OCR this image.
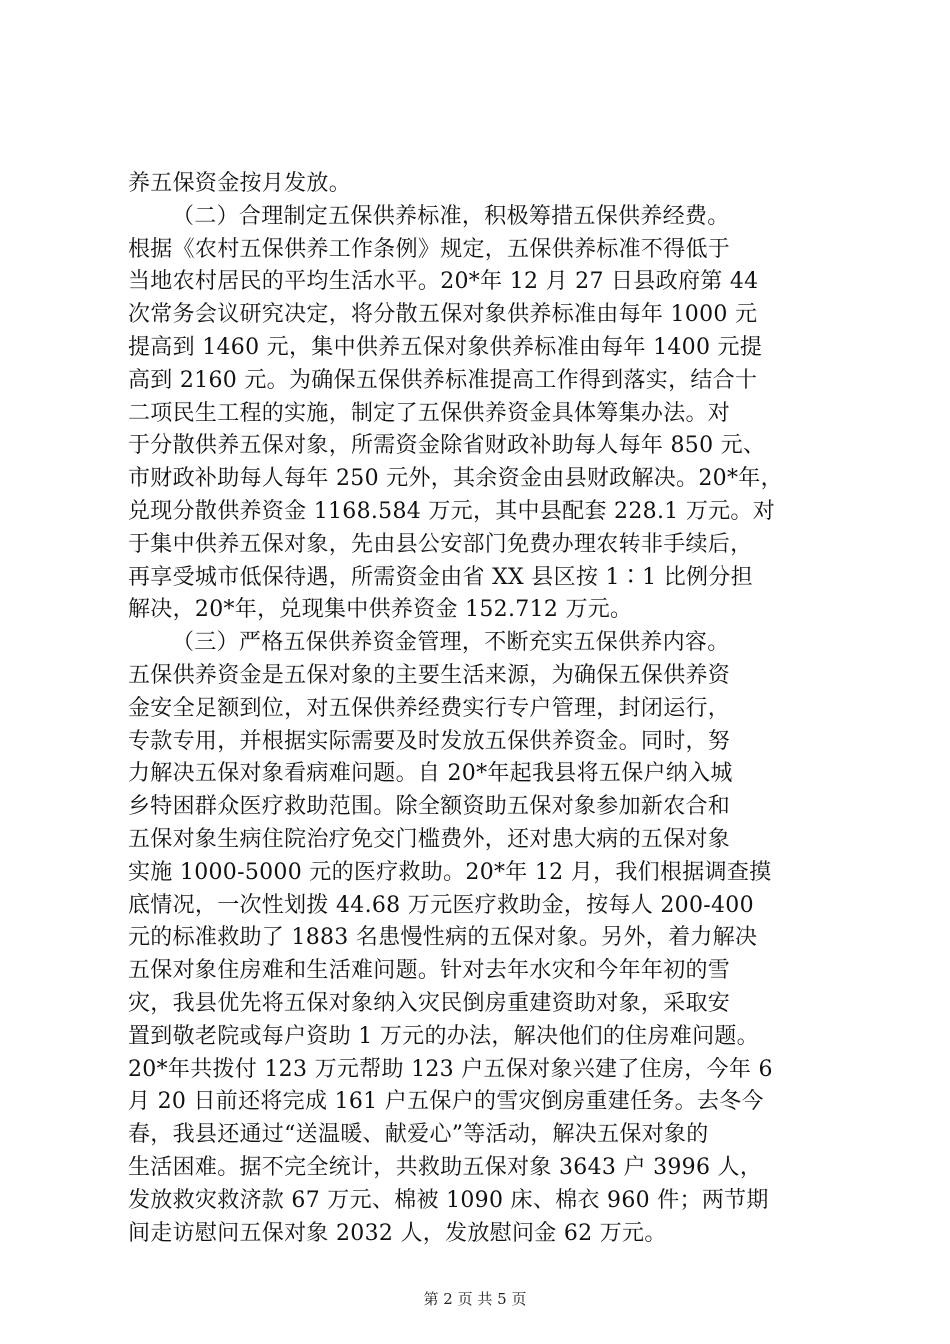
养五保资金按月发放。
（二）合理制定五保供养标准，积极筹措五保供养经费。
根据《农村五保供养工作条例》规定，五保供养标准不得低于
当地农村居民的平均生活水平。20*年 12 月 27 日县政府第 44
次常务会议研究决定，将分散五保对象供养标准由每年 1000 元
提高到 1460 元，集中供养五保对象供养标准由每年 1400 元提
高到 2160 元。为确保五保供养标准提高工作得到落实，结合十
二项民生工程的实施，制定了五保供养资金具体筹集办法。对
于分散供养五保对象，所需资金除省财政补助每人每年 850 元、
市财政补助每人每年 250 元外，其余资金由县财政解决。20*年，
兑现分散供养资金 1168.584 万元，其中县配套 228.1 万元。对
于集中供养五保对象，先由县公安部门免费办理农转非手续后，
再享受城市低保待遇，所需资金由省 XX 县区按 1∶1 比例分担
解决，20*年，兑现集中供养资金 152.712 万元。
（三）严格五保供养资金管理，不断充实五保供养内容。
五保供养资金是五保对象的主要生活来源，为确保五保供养资
金安全足额到位，对五保供养经费实行专户管理，封闭运行，
专款专用，并根据实际需要及时发放五保供养资金。同时，努
力解决五保对象看病难问题。自 20*年起我县将五保户纳入城
乡特困群众医疗救助范围。除全额资助五保对象参加新农合和
五保对象生病住院治疗免交门槛费外，还对患大病的五保对象
实施 1000-5000 元的医疗救助。20*年 12 月，我们根据调查摸
底情况，一次性划拨 44.68 万元医疗救助金，按每人 200-400
元的标准救助了 1883 名患慢性病的五保对象。另外，着力解决
五保对象住房难和生活难问题。针对去年水灾和今年年初的雪
灾，我县优先将五保对象纳入灾民倒房重建资助对象，采取安
置到敬老院或每户资助 1 万元的办法，解决他们的住房难问题。
20*年共拨付 123 万元帮助 123 户五保对象兴建了住房，今年 6
月 20 日前还将完成 161 户五保户的雪灾倒房重建任务。去冬今
春，我县还通过“送温暖、献爱心”等活动，解决五保对象的
生活困难。据不完全统计，共救助五保对象 3643 户 3996 人，
发放救灾救济款 67 万元、棉被 1090 床、棉衣 960 件；两节期
间走访慰问五保对象 2032 人，发放慰问金 62 万元。
第 2 页 共 5 页
